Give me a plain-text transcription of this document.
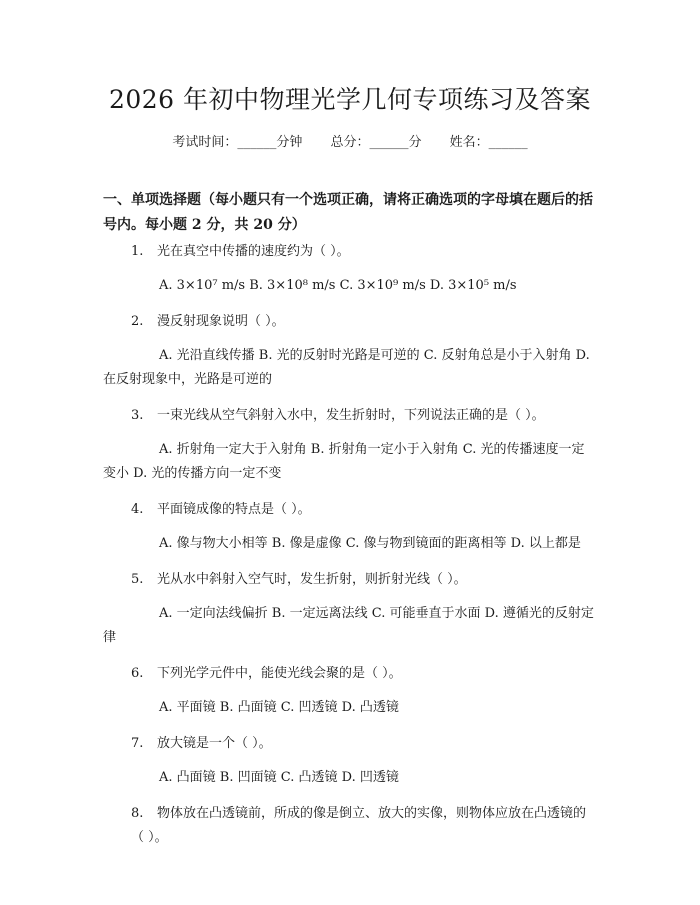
2026 年初中物理光学几何专项练习及答案
考试时间：______分钟 总分：______分 姓名：______
一、单项选择题（每小题只有一个选项正确，请将正确选项的字母填在题后的括号内。每小题 2 分，共 20 分）

1. 光在真空中传播的速度约为（ ）。

A. 3×10⁷ m/s B. 3×10⁸ m/s C. 3×10⁹ m/s D. 3×10⁵ m/s

2. 漫反射现象说明（ ）。

A. 光沿直线传播 B. 光的反射时光路是可逆的 C. 反射角总是小于入射角 D. 在反射现象中，光路是可逆的

3. 一束光线从空气斜射入水中，发生折射时，下列说法正确的是（ ）。

A. 折射角一定大于入射角 B. 折射角一定小于入射角 C. 光的传播速度一定变小 D. 光的传播方向一定不变

4. 平面镜成像的特点是（ ）。

A. 像与物大小相等 B. 像是虚像 C. 像与物到镜面的距离相等 D. 以上都是

5. 光从水中斜射入空气时，发生折射，则折射光线（ ）。

A. 一定向法线偏折 B. 一定远离法线 C. 可能垂直于水面 D. 遵循光的反射定律

6. 下列光学元件中，能使光线会聚的是（ ）。

A. 平面镜 B. 凸面镜 C. 凹透镜 D. 凸透镜

7. 放大镜是一个（ ）。

A. 凸面镜 B. 凹面镜 C. 凸透镜 D. 凹透镜

8. 物体放在凸透镜前，所成的像是倒立、放大的实像，则物体应放在凸透镜的（ ）。
